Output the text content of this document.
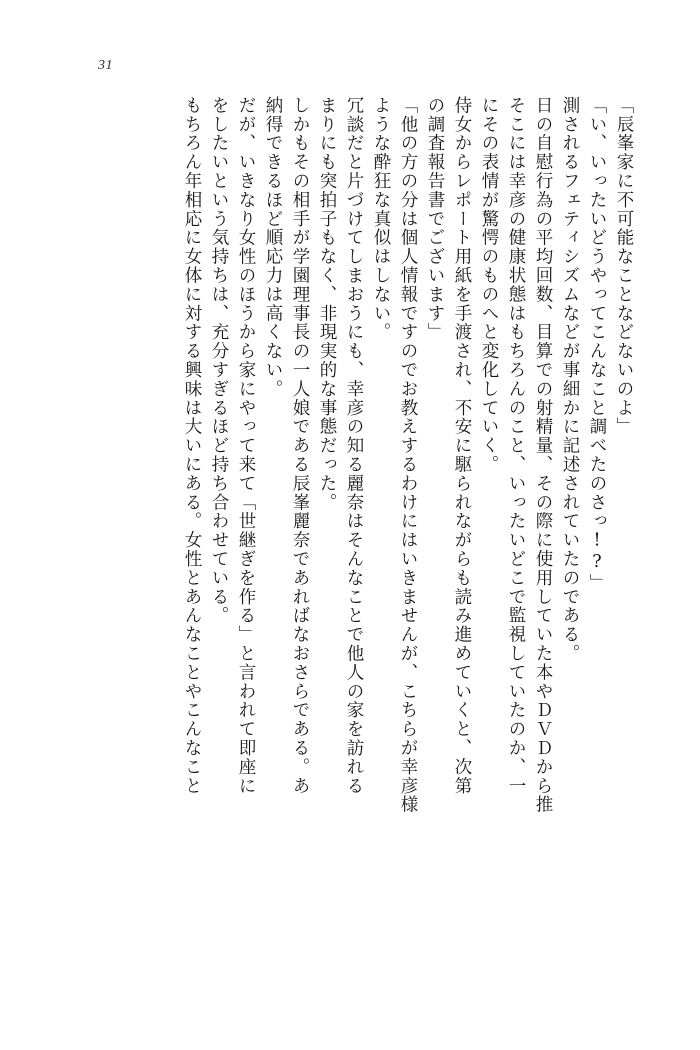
31
もちろん年相応に女体に対する興味は大いにある。女性とあんなことやこんなこと をしたいという気持ちは、充分すぎるほど持ち合わせている。 だが、いきなり女性のほうから家にやって来て「世継ぎを作る」と言われて即座に 納得できるほど順応力は高くない。 しかもその相手が学園理事長の一人娘である辰峯麗奈であればなおさらである。あ まりにも突拍子もなく、非現実的な事態だった。 冗談だと片づけてしまおうにも、幸彦の知る麗奈はそんなことで他人の家を訪れる ような酔狂な真似はしない。 「他の方の分は個人情報ですのでお教えするわけにはいきませんが、こちらが幸彦様 の調査報告書でございます」 侍女からレポート用紙を手渡され、不安に駆られながらも読み進めていくと、次第 にその表情が驚愕のものへと変化していく。 そこには幸彦の健康状態はもちろんのこと、いったいどこで監視していたのか、一 日の自慰行為の平均回数、目算での射精量、その際に使用していた本やＤＶＤから推 測されるフェティシズムなどが事細かに記述されていたのである。 「い、いったいどうやってこんなこと調べたのさっ!?」 「辰峯家に不可能なことなどないのよ」
